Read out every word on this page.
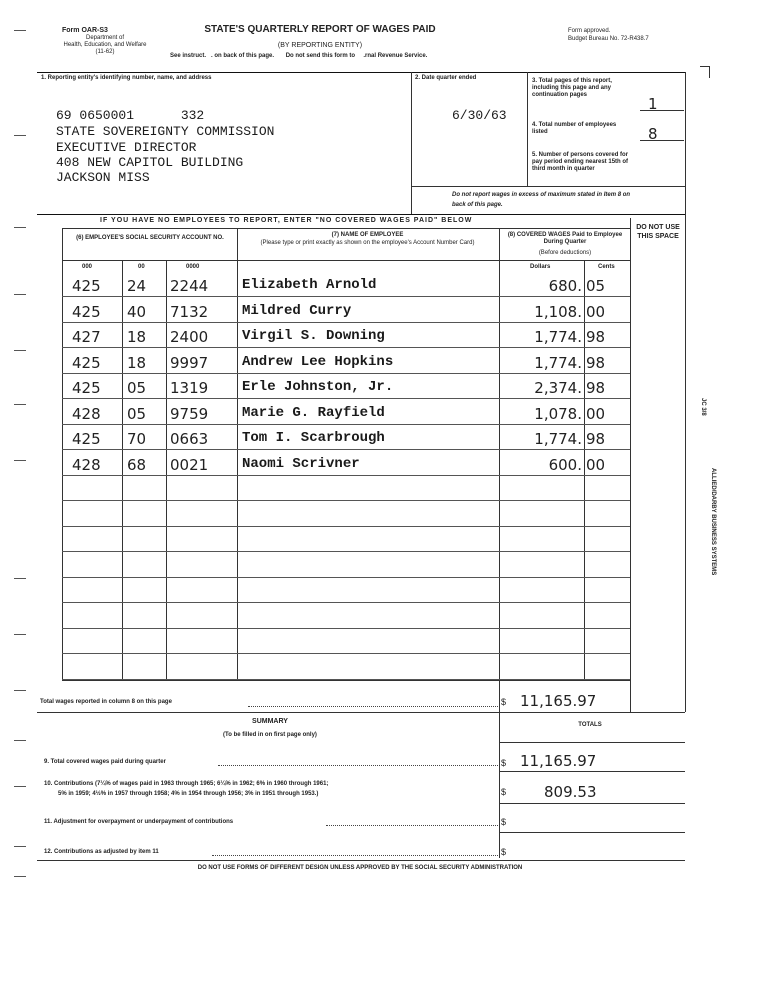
Form OAR-S3
Department of
Health, Education, and Welfare
(11-62)
STATE'S QUARTERLY REPORT OF WAGES PAID
(BY REPORTING ENTITY)
See instruct.   . on back of this page.       Do not send this form to     .rnal Revenue Service.
Form approved.
Budget Bureau No. 72-R438.7
1. Reporting entity's identifying number, name, and address
69 0650001      332
STATE SOVEREIGNTY COMMISSION
EXECUTIVE DIRECTOR
408 NEW CAPITOL BUILDING
JACKSON MISS
2. Date quarter ended
6/30/63
3. Total pages of this report, including this page and any continuation pages	1
4. Total number of employees listed	8
5. Number of persons covered for pay period ending nearest 15th of third month in quarter
Do not report wages in excess of maximum stated in Item 8 on back of this page.
IF YOU HAVE NO EMPLOYEES TO REPORT, ENTER "NO COVERED WAGES PAID" BELOW
(6) EMPLOYEE'S SOCIAL SECURITY ACCOUNT NO.	(7) NAME OF EMPLOYEE
(Please type or print exactly as shown on the employee's Account Number Card)
(8) COVERED WAGES Paid to Employee During Quarter
(Before deductions)
DO NOT USE THIS SPACE
000	00	0000	Dollars	Cents
425 24 2244 Elizabeth Arnold	680. 05
425 40 7132 Mildred Curry	1,108. 00
427 18 2400 Virgil S. Downing	1,774. 98
425 18 9997 Andrew Lee Hopkins	1,774. 98
425 05 1319 Erle Johnston, Jr.	2,374. 98
428 05 9759 Marie G. Rayfield	1,078. 00
425 70 0663 Tom I. Scarbrough	1,774. 98
428 68 0021 Naomi Scrivner	600. 00
Total wages reported in column 8 on this page	$ 11,165.97
SUMMARY
(To be filled in on first page only)
TOTALS
9. Total covered wages paid during quarter	$ 11,165.97
10. Contributions (7¼% of wages paid in 1963 through 1965; 6¼% in 1962; 6% in 1960 through 1961;
5% in 1959; 4½% in 1957 through 1958; 4% in 1954 through 1956; 3% in 1951 through 1953.)	$	809.53
11. Adjustment for overpayment or underpayment of contributions	$
12. Contributions as adjusted by item 11	$
DO NOT USE FORMS OF DIFFERENT DESIGN UNLESS APPROVED BY THE SOCIAL SECURITY ADMINISTRATION
JC 3/8
ALLIED/DARBY BUSINESS SYSTEMS
